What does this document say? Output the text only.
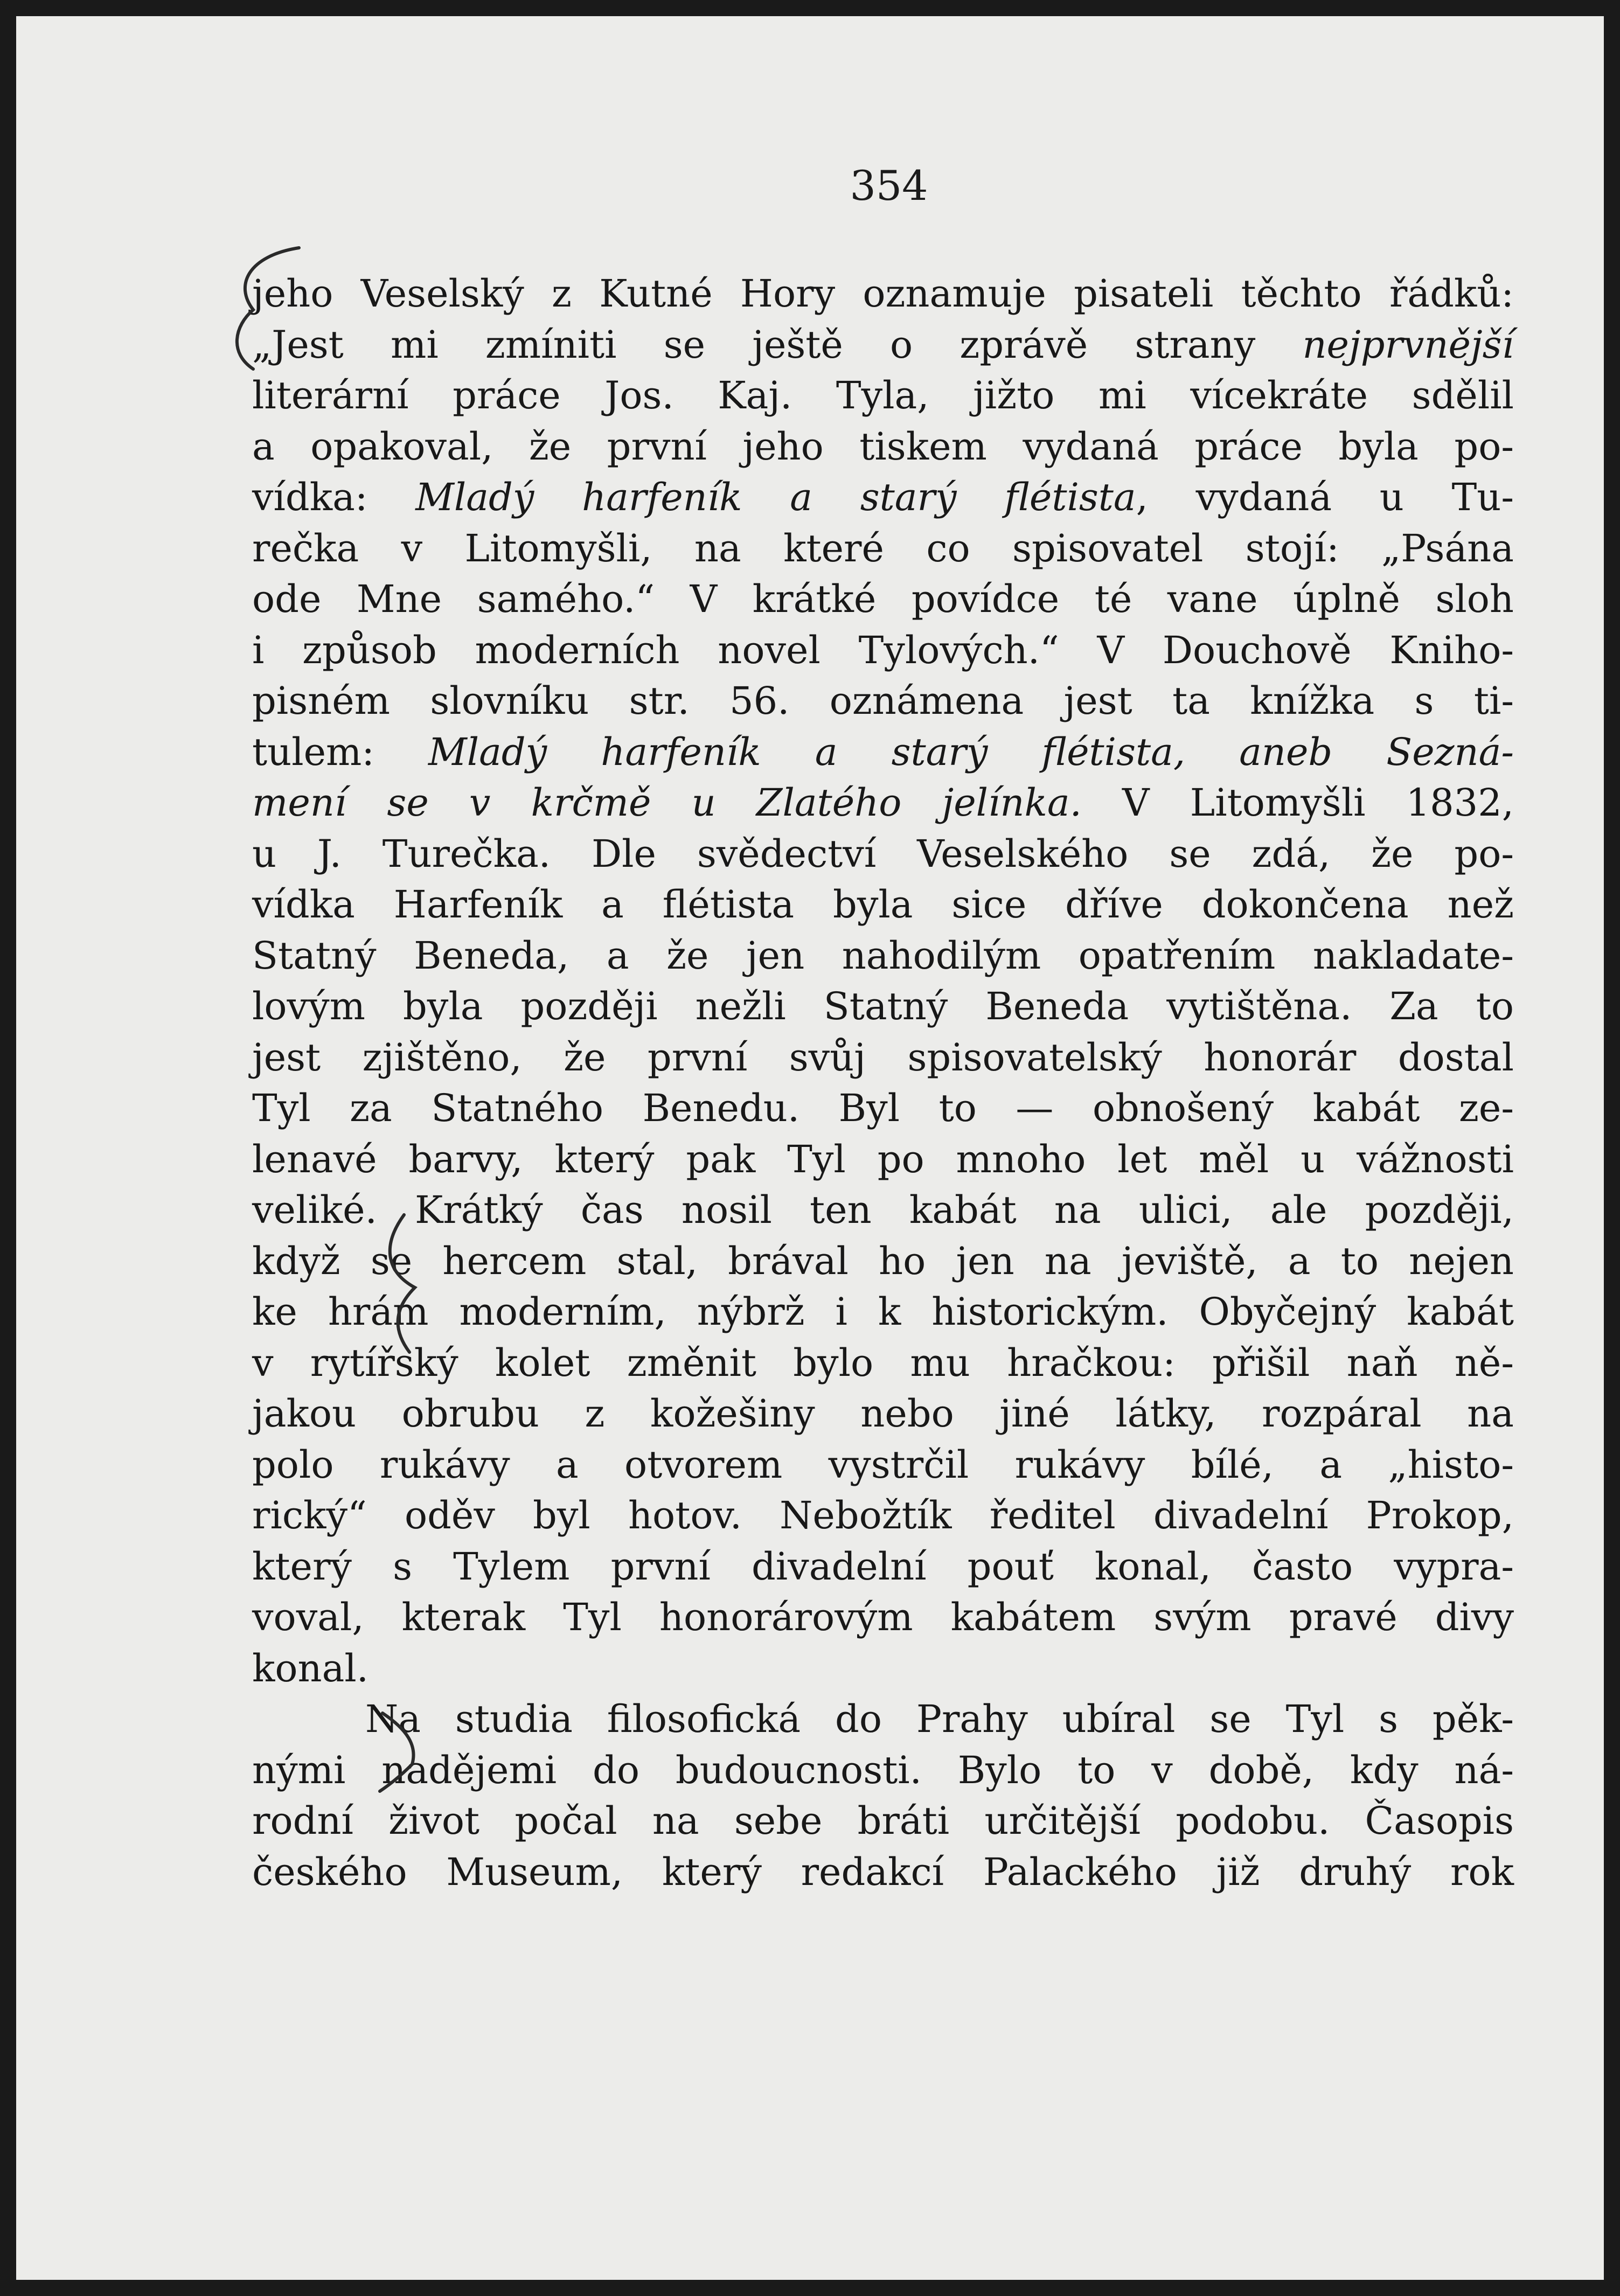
354
jeho Veselský z Kutné Hory oznamuje pisateli těchto řádků:
„Jest mi zmíniti se ještě o zprávě strany nejprvnější
literární práce Jos. Kaj. Tyla, jižto mi vícekráte sdělil
a opakoval, že první jeho tiskem vydaná práce byla po-
vídka: Mladý harfeník a starý flétista, vydaná u Tu-
rečka v Litomyšli, na které co spisovatel stojí: „Psána
ode Mne samého.“ V krátké povídce té vane úplně sloh
i způsob moderních novel Tylových.“ V Douchově Kniho-
pisném slovníku str. 56. oznámena jest ta knížka s ti-
tulem: Mladý harfeník a starý flétista, aneb Sezná-
mení se v krčmě u Zlatého jelínka. V Litomyšli 1832,
u J. Turečka. Dle svědectví Veselského se zdá, že po-
vídka Harfeník a flétista byla sice dříve dokončena než
Statný Beneda, a že jen nahodilým opatřením nakladate-
lovým byla později nežli Statný Beneda vytištěna. Za to
jest zjištěno, že první svůj spisovatelský honorár dostal
Tyl za Statného Benedu. Byl to — obnošený kabát ze-
lenavé barvy, který pak Tyl po mnoho let měl u vážnosti
veliké. Krátký čas nosil ten kabát na ulici, ale později,
když se hercem stal, brával ho jen na jeviště, a to nejen
ke hrám moderním, nýbrž i k historickým. Obyčejný kabát
v rytířský kolet změnit bylo mu hračkou: přišil naň ně-
jakou obrubu z kožešiny nebo jiné látky, rozpáral na
polo rukávy a otvorem vystrčil rukávy bílé, a „histo-
rický“ oděv byl hotov. Nebožtík ředitel divadelní Prokop,
který s Tylem první divadelní pouť konal, často vypra-
voval, kterak Tyl honorárovým kabátem svým pravé divy
konal.
Na studia filosofická do Prahy ubíral se Tyl s pěk-
nými nadějemi do budoucnosti. Bylo to v době, kdy ná-
rodní život počal na sebe bráti určitější podobu. Časopis
českého Museum, který redakcí Palackého již druhý rok
